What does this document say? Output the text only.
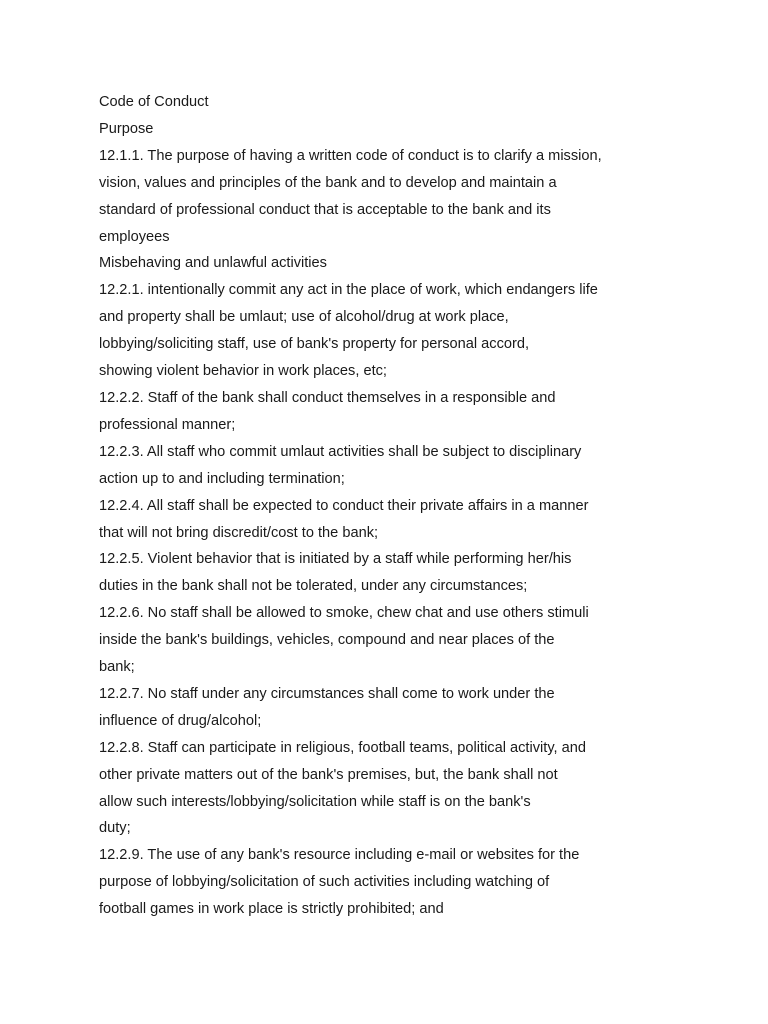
Code of Conduct
Purpose
12.1.1. The purpose of having a written code of conduct is to clarify a mission,
vision, values and principles of the bank and to develop and maintain a
standard of professional conduct that is acceptable to the bank and its
employees
Misbehaving and unlawful activities
12.2.1. intentionally commit any act in the place of work, which endangers life
and property shall be umlaut; use of alcohol/drug at work place,
lobbying/soliciting staff, use of bank's property for personal accord,
showing violent behavior in work places, etc;
12.2.2. Staff of the bank shall conduct themselves in a responsible and
professional manner;
12.2.3. All staff who commit umlaut activities shall be subject to disciplinary
action up to and including termination;
12.2.4. All staff shall be expected to conduct their private affairs in a manner
that will not bring discredit/cost to the bank;
12.2.5. Violent behavior that is initiated by a staff while performing her/his
duties in the bank shall not be tolerated, under any circumstances;
12.2.6. No staff shall be allowed to smoke, chew chat and use others stimuli
inside the bank's buildings, vehicles, compound and near places of the
bank;
12.2.7. No staff under any circumstances shall come to work under the
influence of drug/alcohol;
12.2.8. Staff can participate in religious, football teams, political activity, and
other private matters out of the bank's premises, but, the bank shall not
allow such interests/lobbying/solicitation while staff is on the bank's
duty;
12.2.9. The use of any bank's resource including e-mail or websites for the
purpose of lobbying/solicitation of such activities including watching of
football games in work place is strictly prohibited; and
